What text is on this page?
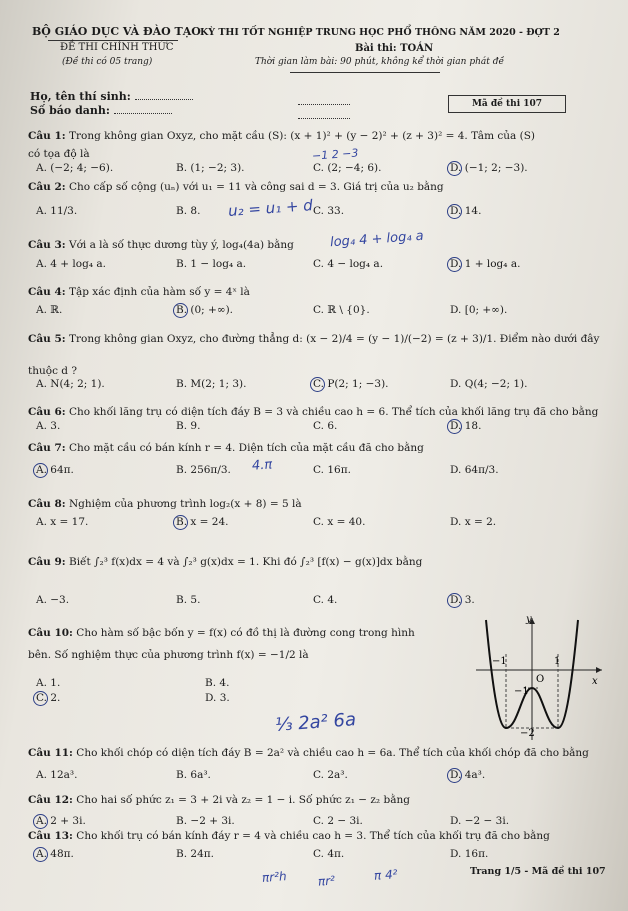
BỘ GIÁO DỤC VÀ ĐÀO TẠO KỲ THI TỐT NGHIỆP TRUNG HỌC PHỔ THÔNG NĂM 2020 - ĐỢT 2
ĐỀ THI CHÍNH THỨC
(Đề thi có 05 trang)
Bài thi: TOÁN
Thời gian làm bài: 90 phút, không kể thời gian phát đề
Họ, tên thí sinh:
Số báo danh:	Mã đề thi 107
Câu 1: Trong không gian Oxyz, cho mặt cầu (S): (x + 1)² + (y − 2)² + (z + 3)² = 4. Tâm của (S)
có tọa độ là
A. (−2; 4; −6).	B. (1; −2; 3).	C. (2; −4; 6).	D. (−1; 2; −3).
Câu 2: Cho cấp số cộng (uₙ) với u₁ = 11 và công sai d = 3. Giá trị của u₂ bằng
A. 11/3.	B. 8.	C. 33.	D. 14.
Câu 3: Với a là số thực dương tùy ý, log₄(4a) bằng
A. 4 + log₄ a.	B. 1 − log₄ a.	C. 4 − log₄ a.	D. 1 + log₄ a.
Câu 4: Tập xác định của hàm số y = 4ˣ là
A. ℝ.	B. (0; +∞).	C. ℝ \ {0}.	D. [0; +∞).
Câu 5: Trong không gian Oxyz, cho đường thẳng d: (x − 2)/4 = (y − 1)/(−2) = (z + 3)/1. Điểm nào dưới đây
thuộc d ?
A. N(4; 2; 1).	B. M(2; 1; 3).	C. P(2; 1; −3).	D. Q(4; −2; 1).
Câu 6: Cho khối lăng trụ có diện tích đáy B = 3 và chiều cao h = 6. Thể tích của khối lăng trụ đã cho bằng
A. 3.	B. 9.	C. 6.	D. 18.
Câu 7: Cho mặt cầu có bán kính r = 4. Diện tích của mặt cầu đã cho bằng
A. 64π.	B. 256π/3.	C. 16π.	D. 64π/3.
Câu 8: Nghiệm của phương trình log₂(x + 8) = 5 là
A. x = 17.	B. x = 24.	C. x = 40.	D. x = 2.
Câu 9: Biết ∫₂³ f(x)dx = 4 và ∫₂³ g(x)dx = 1. Khi đó ∫₂³ [f(x) − g(x)]dx bằng
A. −3.	B. 5.	C. 4.	D. 3.
Câu 10: Cho hàm số bậc bốn y = f(x) có đồ thị là đường cong trong hình
bên. Số nghiệm thực của phương trình f(x) = −1/2 là
A. 1.	B. 4.
C. 2.	D. 3.
Câu 11: Cho khối chóp có diện tích đáy B = 2a² và chiều cao h = 6a. Thể tích của khối chóp đã cho bằng
A. 12a³.	B. 6a³.	C. 2a³.	D. 4a³.
Câu 12: Cho hai số phức z₁ = 3 + 2i và z₂ = 1 − i. Số phức z₁ − z₂ bằng
A. 2 + 3i.	B. −2 + 3i.	C. 2 − 3i.	D. −2 − 3i.
Câu 13: Cho khối trụ có bán kính đáy r = 4 và chiều cao h = 3. Thể tích của khối trụ đã cho bằng
A. 48π.	B. 24π.	C. 4π.	D. 16π.
y
x
O
−1	1
−1
−2
−1 2 −3
u₂ = u₁ + d
log₄ 4 + log₄ a
4.π
⅓ 2a² 6a
πr²h	πr²	π 4²	Trang 1/5 - Mã đề thi 107
